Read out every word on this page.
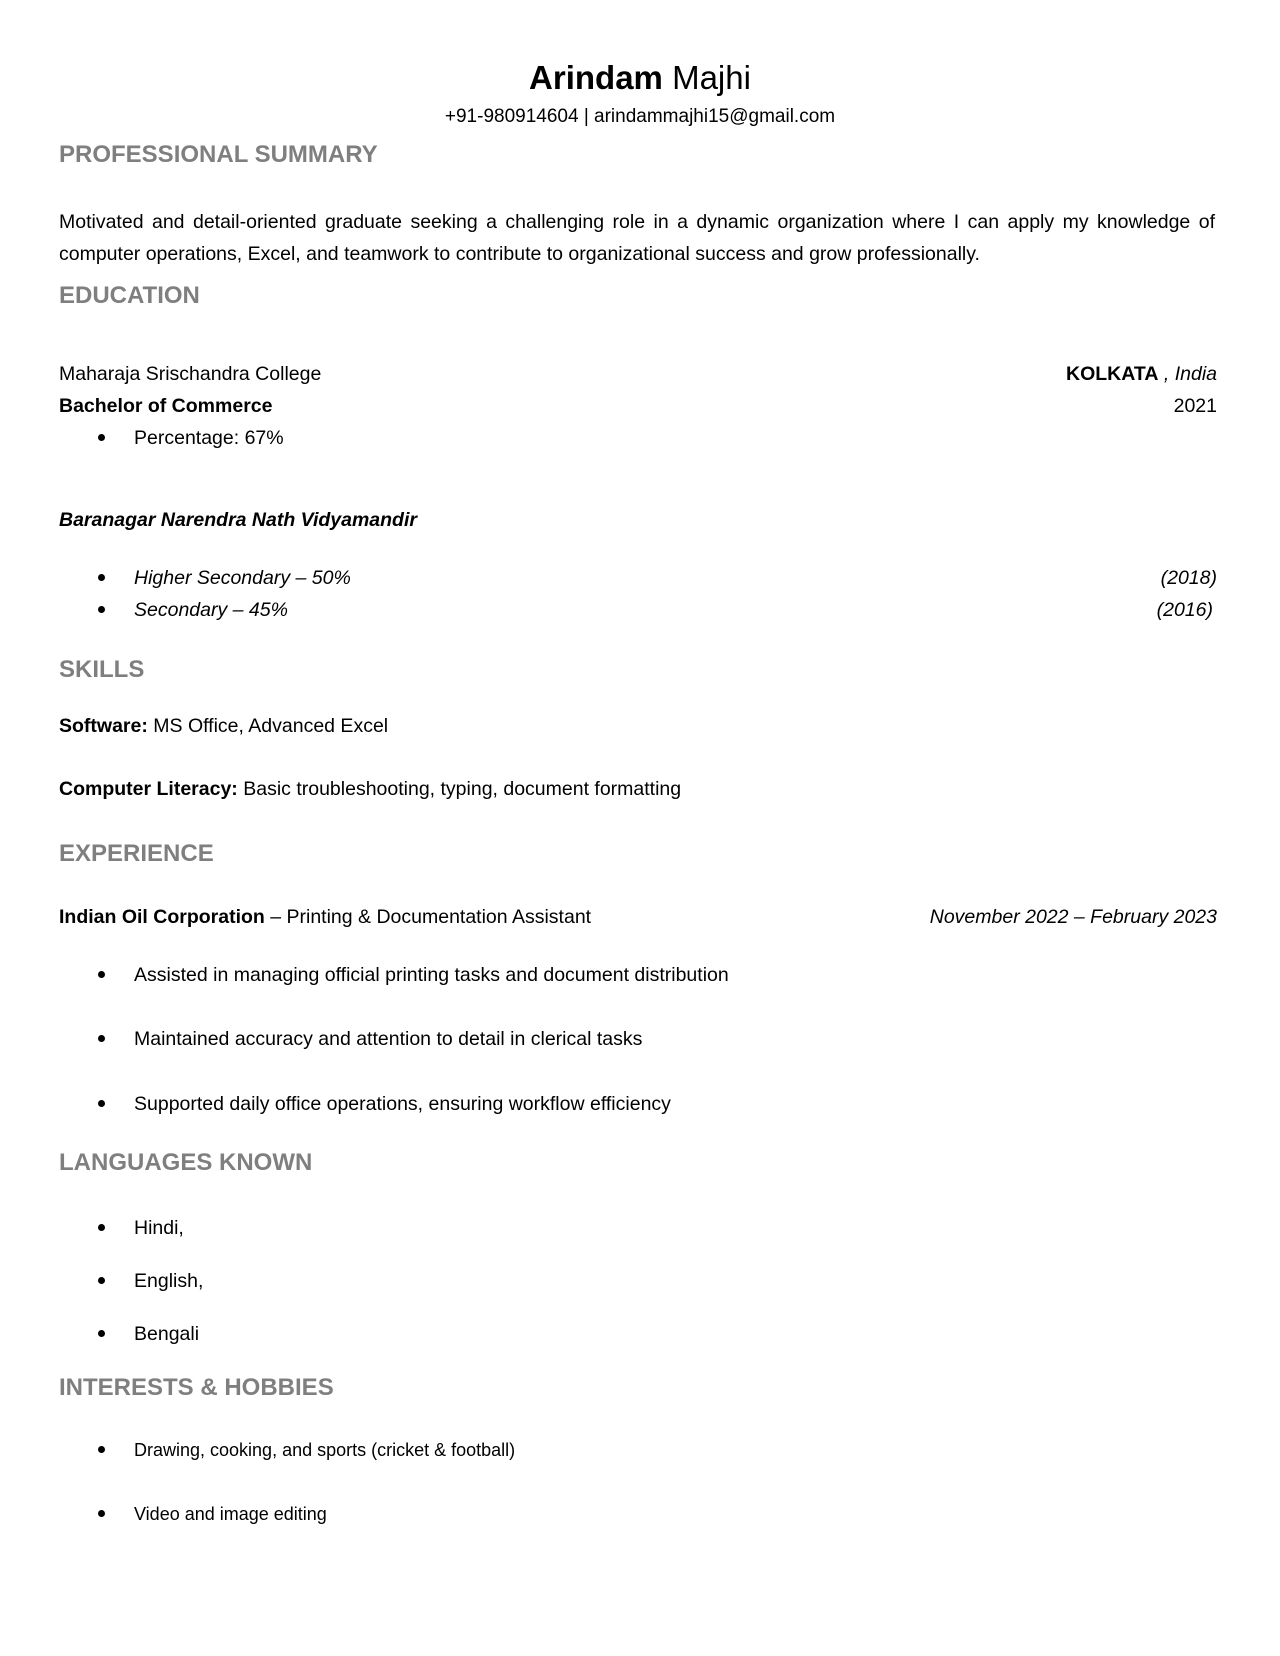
Arindam Majhi
+91-980914604 | arindammajhi15@gmail.com
PROFESSIONAL SUMMARY
Motivated and detail-oriented graduate seeking a challenging role in a dynamic organization where I can apply my knowledge of computer operations, Excel, and teamwork to contribute to organizational success and grow professionally.
EDUCATION
Maharaja Srischandra College	KOLKATA , India
Bachelor of Commerce	2021
Percentage: 67%
Baranagar Narendra Nath Vidyamandir
Higher Secondary – 50%	(2018)
Secondary – 45%	(2016)
SKILLS
Software: MS Office, Advanced Excel
Computer Literacy: Basic troubleshooting, typing, document formatting
EXPERIENCE
Indian Oil Corporation – Printing & Documentation Assistant	November 2022 – February 2023
Assisted in managing official printing tasks and document distribution
Maintained accuracy and attention to detail in clerical tasks
Supported daily office operations, ensuring workflow efficiency
LANGUAGES KNOWN
Hindi,
English,
Bengali
INTERESTS & HOBBIES
Drawing, cooking, and sports (cricket & football)
Video and image editing
